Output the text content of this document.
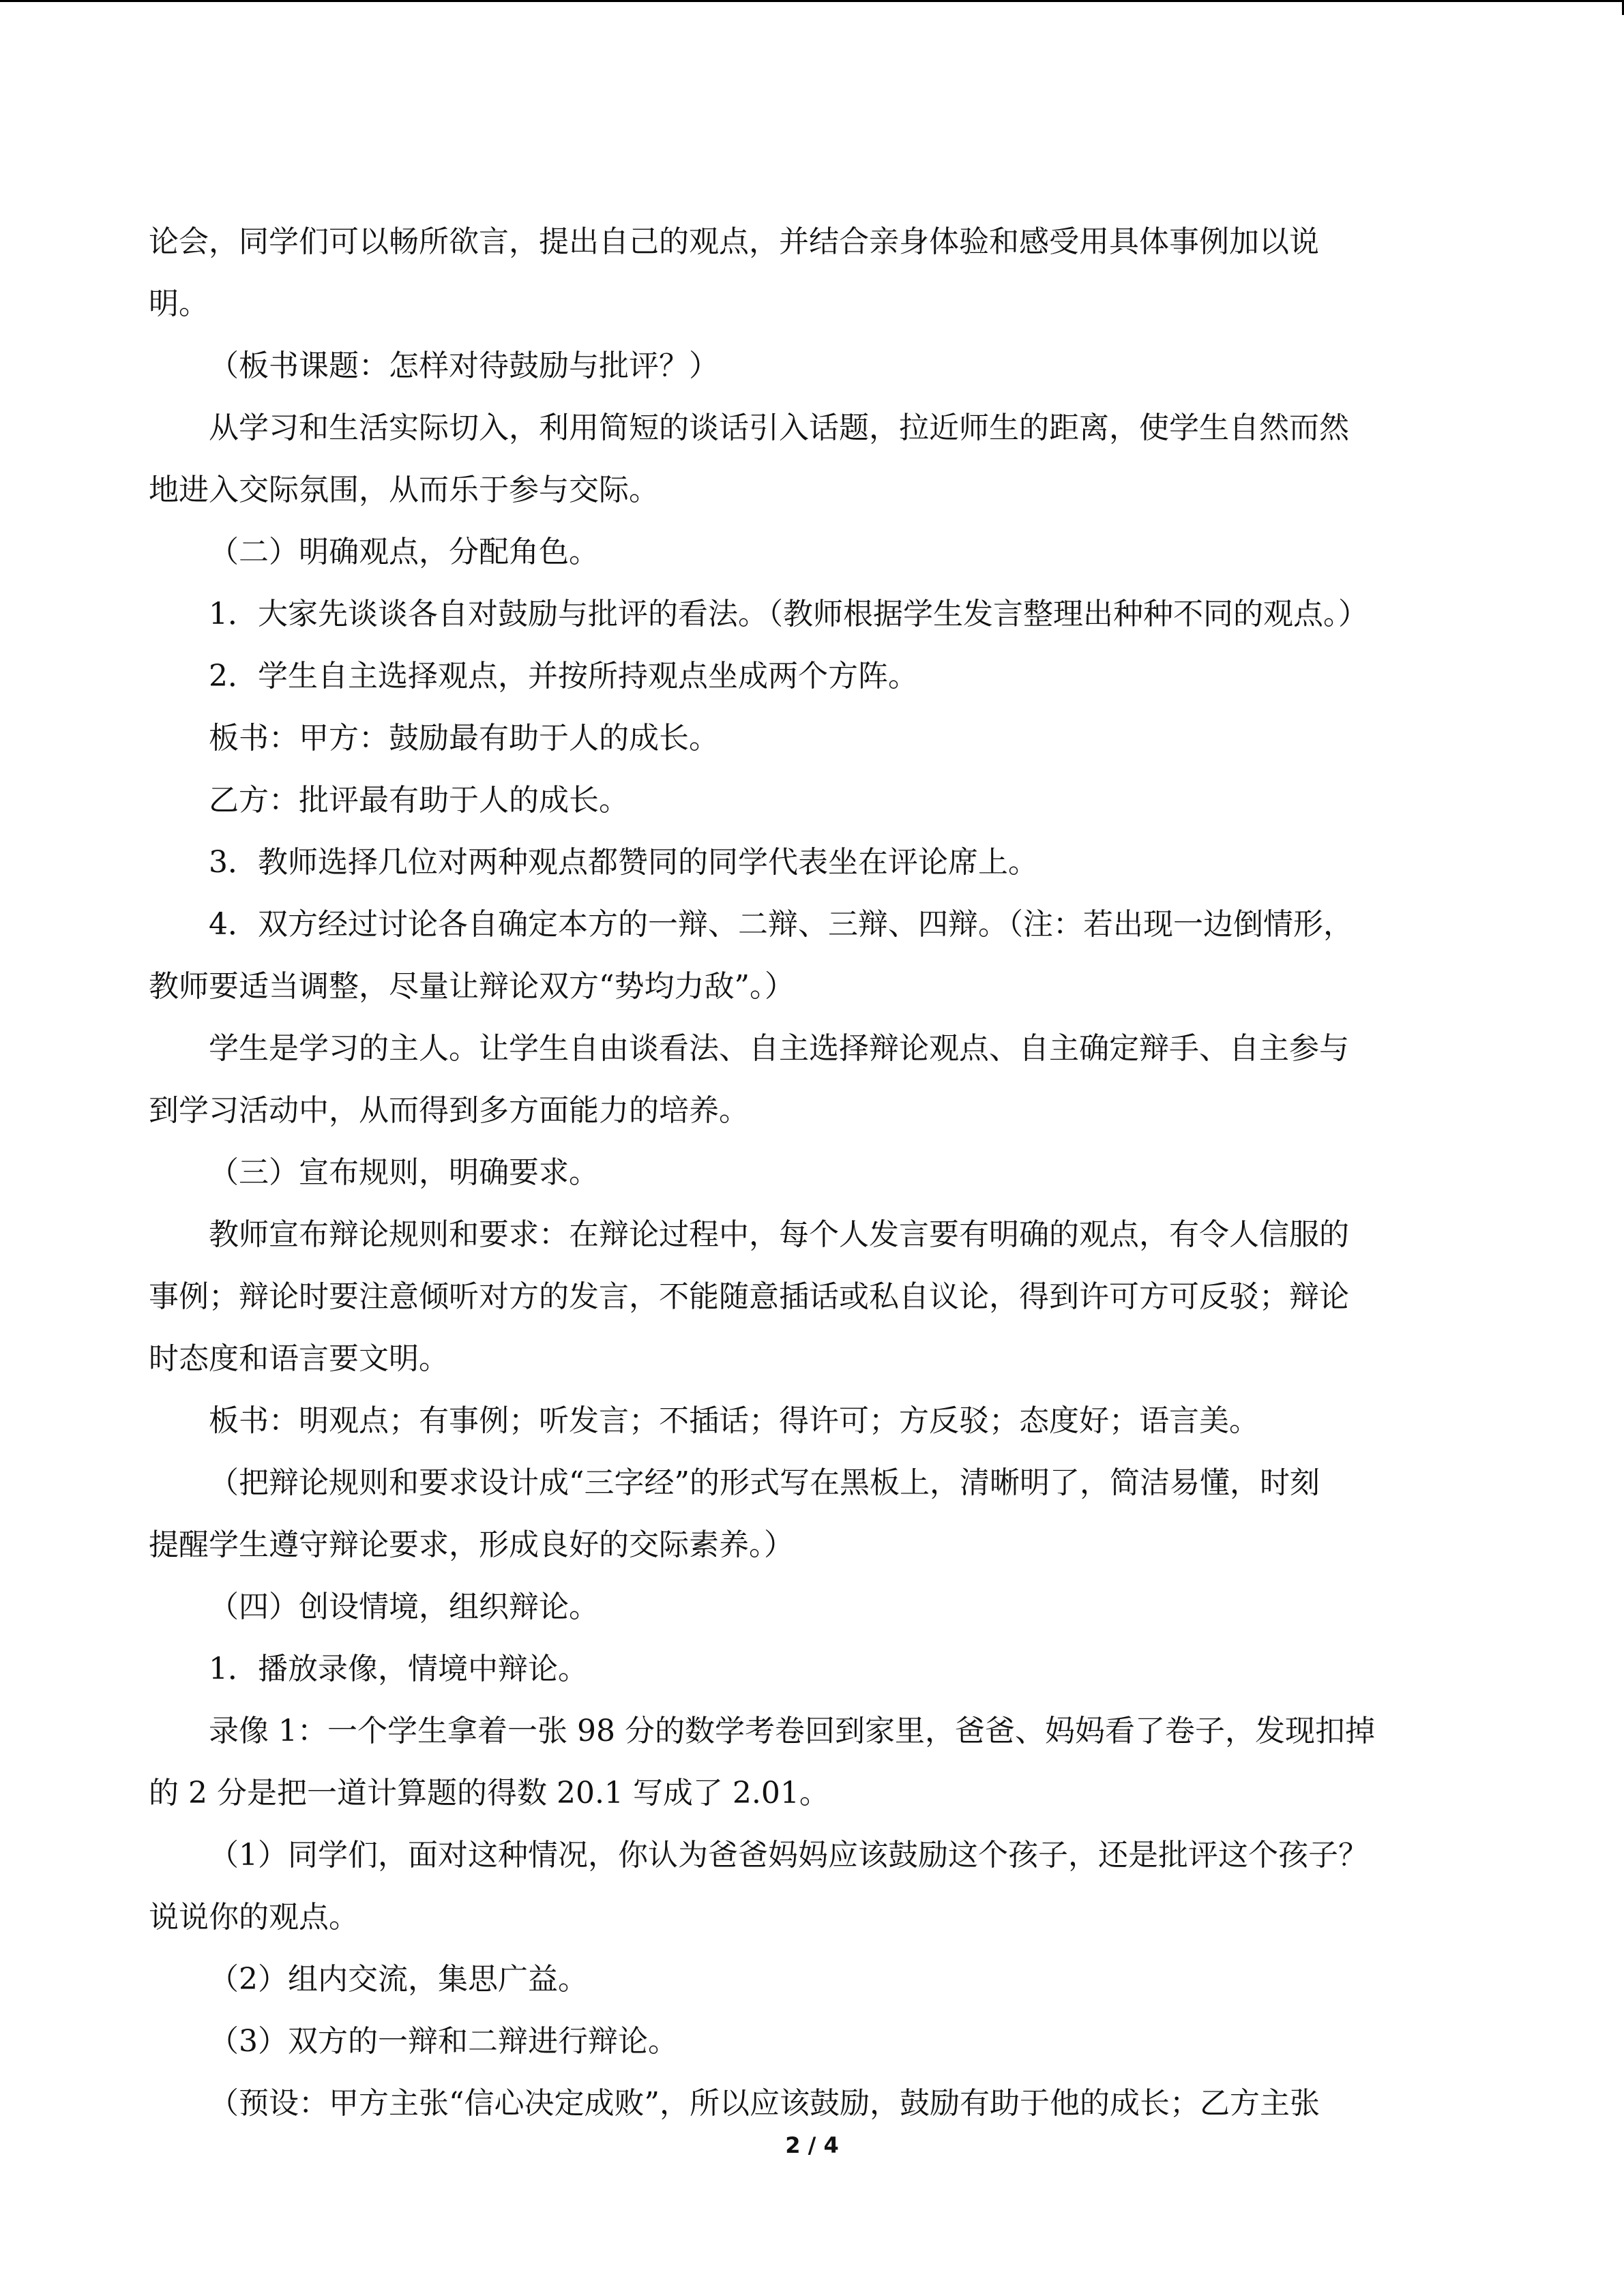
论会，同学们可以畅所欲言，提出自己的观点，并结合亲身体验和感受用具体事例加以说
明。
（板书课题：怎样对待鼓励与批评？）
从学习和生活实际切入，利用简短的谈话引入话题，拉近师生的距离，使学生自然而然
地进入交际氛围，从而乐于参与交际。
（二）明确观点，分配角色。
1．大家先谈谈各自对鼓励与批评的看法。（教师根据学生发言整理出种种不同的观点。）
2．学生自主选择观点，并按所持观点坐成两个方阵。
板书：甲方：鼓励最有助于人的成长。
乙方：批评最有助于人的成长。
3．教师选择几位对两种观点都赞同的同学代表坐在评论席上。
4．双方经过讨论各自确定本方的一辩、二辩、三辩、四辩。（注：若出现一边倒情形，
教师要适当调整，尽量让辩论双方“势均力敌”。）
学生是学习的主人。让学生自由谈看法、自主选择辩论观点、自主确定辩手、自主参与
到学习活动中，从而得到多方面能力的培养。
（三）宣布规则，明确要求。
教师宣布辩论规则和要求：在辩论过程中，每个人发言要有明确的观点，有令人信服的
事例；辩论时要注意倾听对方的发言，不能随意插话或私自议论，得到许可方可反驳；辩论
时态度和语言要文明。
板书：明观点；有事例；听发言；不插话；得许可；方反驳；态度好；语言美。
（把辩论规则和要求设计成“三字经”的形式写在黑板上，清晰明了，简洁易懂，时刻
提醒学生遵守辩论要求，形成良好的交际素养。）
（四）创设情境，组织辩论。
1．播放录像，情境中辩论。
录像 1：一个学生拿着一张 98 分的数学考卷回到家里，爸爸、妈妈看了卷子，发现扣掉
的 2 分是把一道计算题的得数 20.1 写成了 2.01。
（1）同学们，面对这种情况，你认为爸爸妈妈应该鼓励这个孩子，还是批评这个孩子？
说说你的观点。
（2）组内交流，集思广益。
（3）双方的一辩和二辩进行辩论。
（预设：甲方主张“信心决定成败”，所以应该鼓励，鼓励有助于他的成长；乙方主张
2 / 4
